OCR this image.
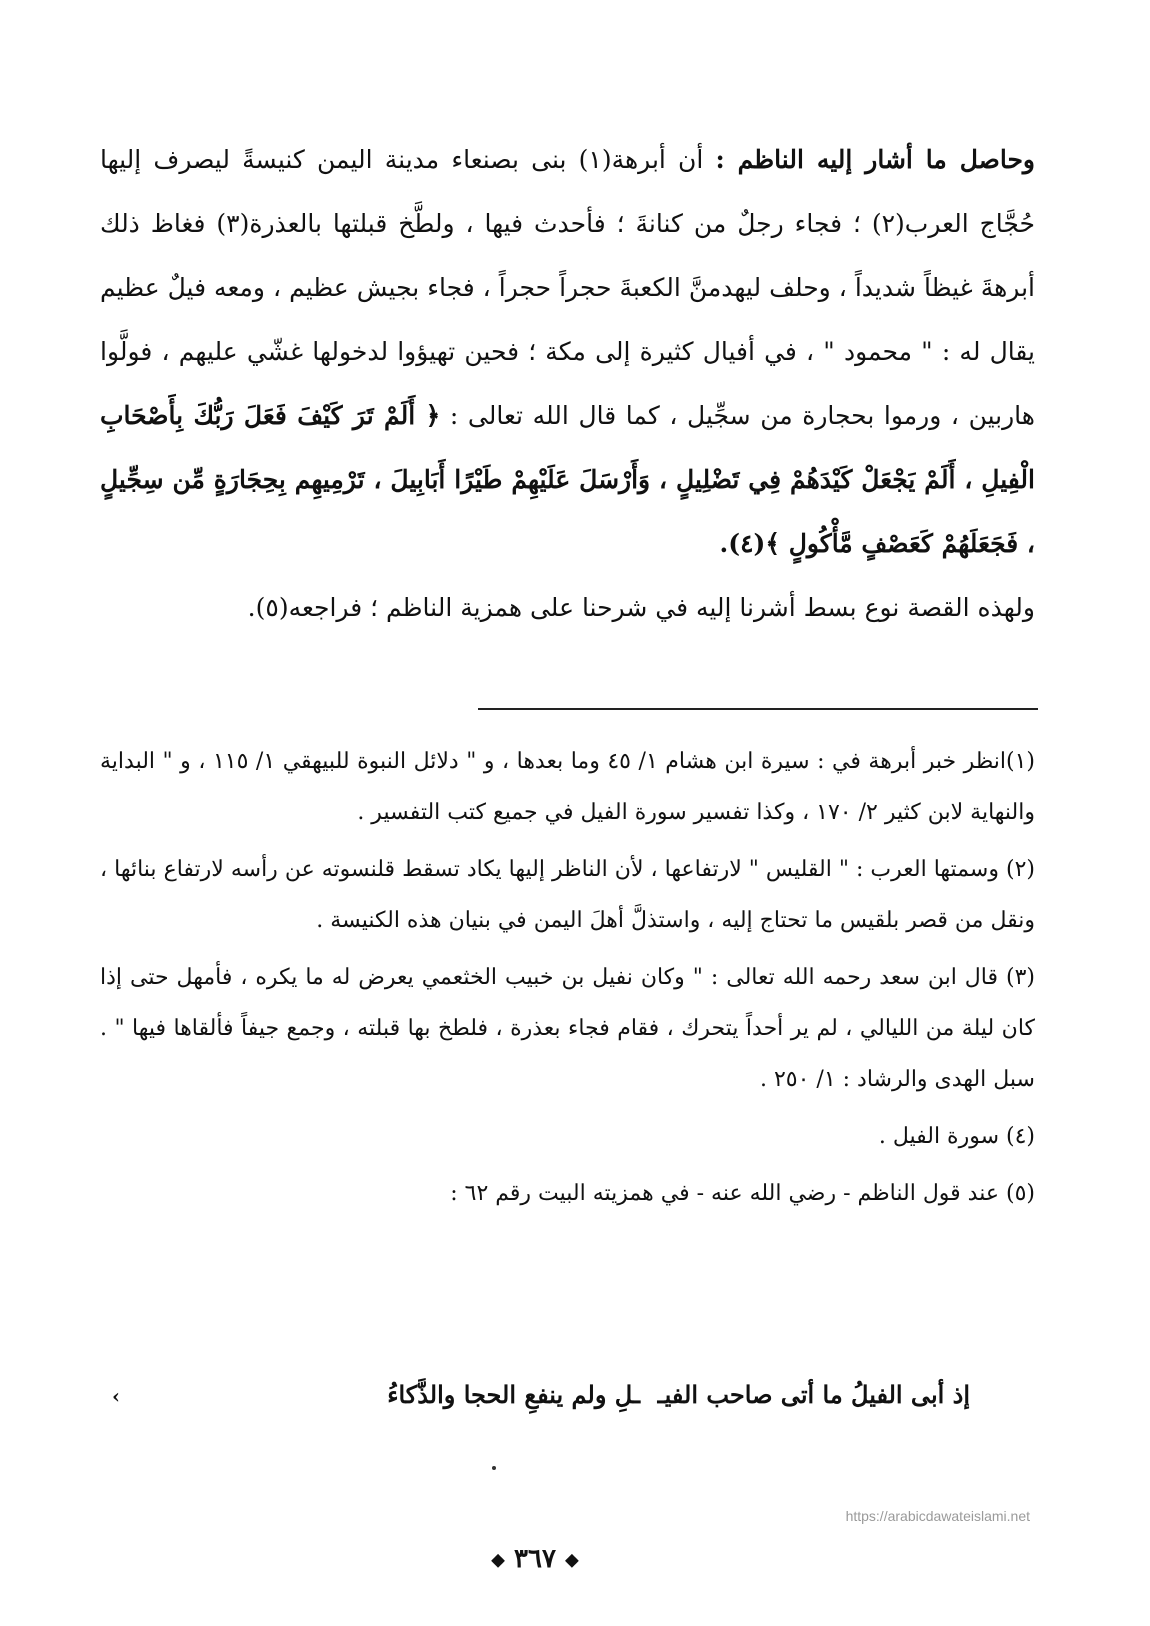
وحاصل ما أشار إليه الناظم : أن أبرهة(١) بنى بصنعاء مدينة اليمن كنيسةً ليصرف إليها حُجَّاج العرب(٢) ؛ فجاء رجلٌ من كنانةَ ؛ فأحدث فيها ، ولطَّخ قبلتها بالعذرة(٣) فغاظ ذلك أبرهةَ غيظاً شديداً ، وحلف ليهدمنَّ الكعبةَ حجراً حجراً ، فجاء بجيش عظيم ، ومعه فيلٌ عظيم يقال له : " محمود " ، في أفيال كثيرة إلى مكة ؛ فحين تهيؤوا لدخولها غشّي عليهم ، فولَّوا هاربين ، ورموا بحجارة من سجِّيل ، كما قال الله تعالى : ﴿ أَلَمْ تَرَ كَيْفَ فَعَلَ رَبُّكَ بِأَصْحَابِ الْفِيلِ ، أَلَمْ يَجْعَلْ كَيْدَهُمْ فِي تَضْلِيلٍ ، وَأَرْسَلَ عَلَيْهِمْ طَيْرًا أَبَابِيلَ ، تَرْمِيهِم بِحِجَارَةٍ مِّن سِجِّيلٍ ، فَجَعَلَهُمْ كَعَصْفٍ مَّأْكُولٍ ﴾(٤).

ولهذه القصة نوع بسط أشرنا إليه في شرحنا على همزية الناظم ؛ فراجعه(٥).

(١)انظر خبر أبرهة في : سيرة ابن هشام ١/ ٤٥ وما بعدها ، و " دلائل النبوة للبيهقي ١/ ١١٥ ، و " البداية والنهاية لابن كثير ٢/ ١٧٠ ، وكذا تفسير سورة الفيل في جميع كتب التفسير .

(٢) وسمتها العرب : " القليس " لارتفاعها ، لأن الناظر إليها يكاد تسقط قلنسوته عن رأسه لارتفاع بنائها ، ونقل من قصر بلقيس ما تحتاج إليه ، واستذلَّ أهلَ اليمن في بنيان هذه الكنيسة .

(٣) قال ابن سعد رحمه الله تعالى : " وكان نفيل بن خبيب الخثعمي يعرض له ما يكره ، فأمهل حتى إذا كان ليلة من الليالي ، لم ير أحداً يتحرك ، فقام فجاء بعذرة ، فلطخ بها قبلته ، وجمع جيفاً فألقاها فيها " . سبل الهدى والرشاد : ١/ ٢٥٠ .

(٤) سورة الفيل .

(٥) عند قول الناظم - رضي الله عنه - في همزيته البيت رقم ٦٢ :

إذ أبى الفيلُ ما أتى صاحب الفيـ
ـلِ ولم ينفعِ الحجا والذَّكاءُ
›
https://arabicdawateislami.net
◆ ٣٦٧ ◆
